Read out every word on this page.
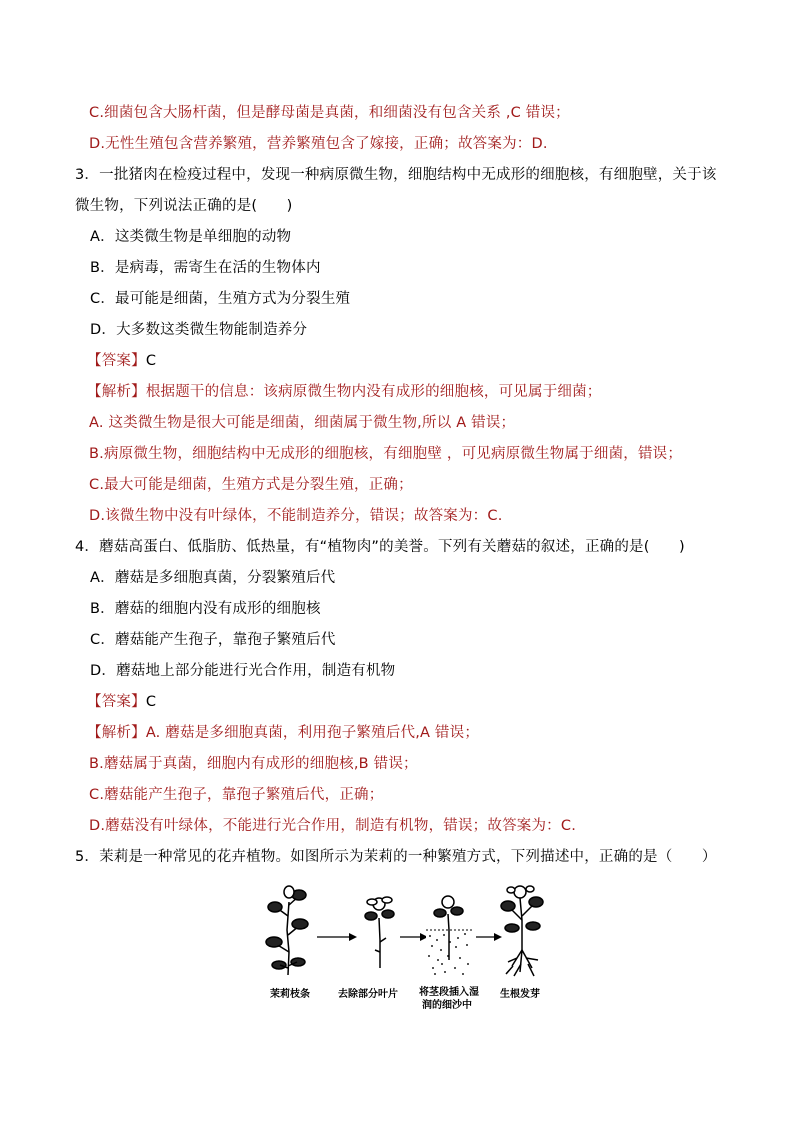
C.细菌包含大肠杆菌，但是酵母菌是真菌，和细菌没有包含关系 ,C 错误；
D.无性生殖包含营养繁殖，营养繁殖包含了嫁接，正确；故答案为：D.
3．一批猪肉在检疫过程中，发现一种病原微生物，细胞结构中无成形的细胞核，有细胞壁，关于该
微生物，下列说法正确的是(　　)
A．这类微生物是单细胞的动物
B．是病毒，需寄生在活的生物体内
C．最可能是细菌，生殖方式为分裂生殖
D．大多数这类微生物能制造养分
【答案】C
【解析】根据题干的信息：该病原微生物内没有成形的细胞核，可见属于细菌；
A. 这类微生物是很大可能是细菌，细菌属于微生物,所以 A 错误；
B.病原微生物，细胞结构中无成形的细胞核，有细胞壁 ，可见病原微生物属于细菌，错误；
C.最大可能是细菌，生殖方式是分裂生殖，正确；
D.该微生物中没有叶绿体，不能制造养分，错误；故答案为：C.
4．蘑菇高蛋白、低脂肪、低热量，有“植物肉”的美誉。下列有关蘑菇的叙述，正确的是(　　)
A．蘑菇是多细胞真菌，分裂繁殖后代
B．蘑菇的细胞内没有成形的细胞核
C．蘑菇能产生孢子，靠孢子繁殖后代
D．蘑菇地上部分能进行光合作用，制造有机物
【答案】C
【解析】A. 蘑菇是多细胞真菌，利用孢子繁殖后代,A 错误；
B.蘑菇属于真菌，细胞内有成形的细胞核,B 错误；
C.蘑菇能产生孢子，靠孢子繁殖后代，正确；
D.蘑菇没有叶绿体，不能进行光合作用，制造有机物，错误；故答案为：C.
5．茉莉是一种常见的花卉植物。如图所示为茉莉的一种繁殖方式，下列描述中，正确的是（　　）
茉莉枝条	去除部分叶片 将茎段插入湿
润的细沙中
生根发芽
